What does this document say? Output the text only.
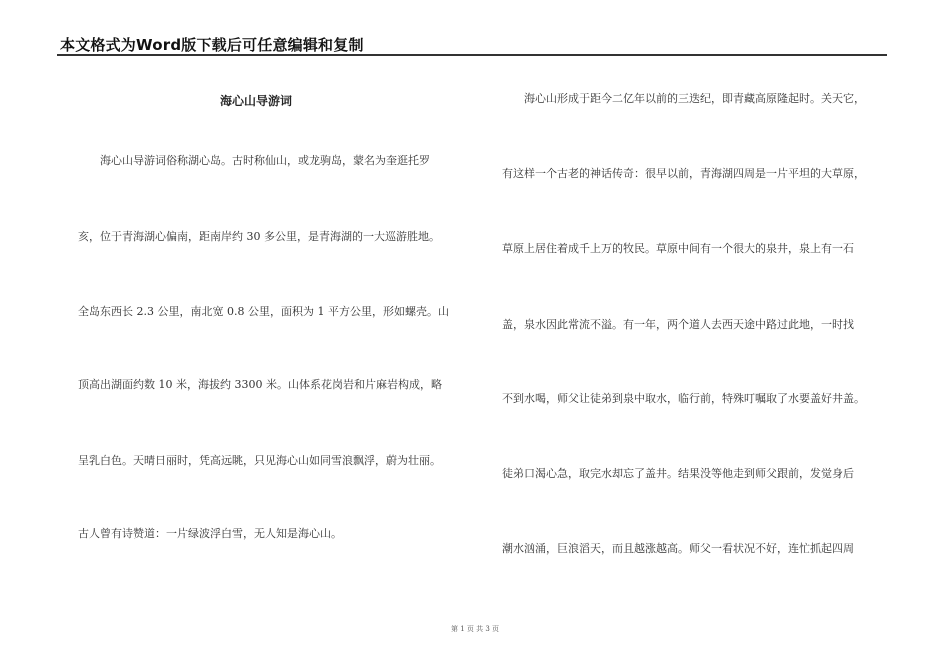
本文格式为Word版下载后可任意编辑和复制
海心山导游词
海心山导游词俗称湖心岛。古时称仙山，或龙驹岛，蒙名为奎逛托罗
亥，位于青海湖心偏南，距南岸约 30 多公里，是青海湖的一大巡游胜地。
全岛东西长 2.3 公里，南北宽 0.8 公里，面积为 1 平方公里，形如螺壳。山
顶高出湖面约数 10 米，海拔约 3300 米。山体系花岗岩和片麻岩构成，略
呈乳白色。天晴日丽时，凭高远眺，只见海心山如同雪浪飘浮，蔚为壮丽。
古人曾有诗赞道：一片绿波浮白雪，无人知是海心山。
海心山形成于距今二亿年以前的三迭纪，即青藏高原隆起时。关天它，
有这样一个古老的神话传奇：很早以前，青海湖四周是一片平坦的大草原，
草原上居住着成千上万的牧民。草原中间有一个很大的泉井，泉上有一石
盖，泉水因此常流不溢。有一年，两个道人去西天途中路过此地，一时找
不到水喝，师父让徒弟到泉中取水，临行前，特殊叮嘱取了水要盖好井盖。
徒弟口渴心急，取完水却忘了盖井。结果没等他走到师父跟前，发觉身后
潮水汹涌，巨浪滔天，而且越涨越高。师父一看状况不好，连忙抓起四周
第 1 页 共 3 页
